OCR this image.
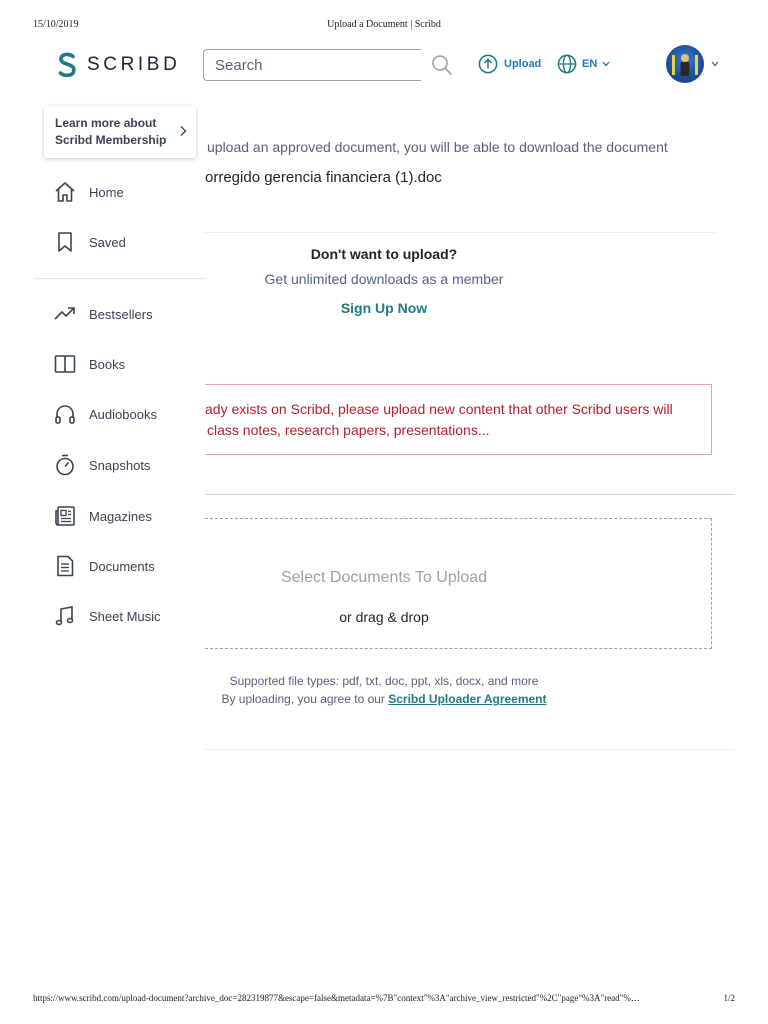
15/10/2019	Upload a Document | Scribd
SCRIBD
Search	Upload	EN
upload an approved document, you will be able to download the document
orregido gerencia financiera (1).doc
Don't want to upload?
Get unlimited downloads as a member
Sign Up Now
ady exists on Scribd, please upload new content that other Scribd users will
class notes, research papers, presentations...
Select Documents To Upload
or drag & drop
Supported file types: pdf, txt, doc, ppt, xls, docx, and more
By uploading, you agree to our Scribd Uploader Agreement
Learn more about Scribd Membership
Home
Saved
Bestsellers
Books
Audiobooks
Snapshots
Magazines
Documents
Sheet Music
https://www.scribd.com/upload-document?archive_doc=282319877&escape=false&metadata=%7B"context"%3A"archive_view_restricted"%2C"page"%3A"read"%…	1/2
